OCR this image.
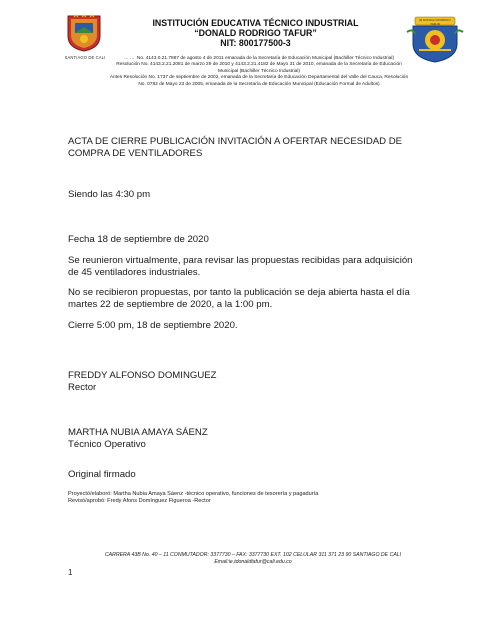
SANTIAGO DE CALI
INSTITUCIÓN EDUCATIVA TÉCNICO INDUSTRIAL
“DONALD RODRIGO TAFUR”
NIT: 800177500-3
IE DONALD RODRIGO TAFUR
…… No. 4143.0.21.7887 de agosto 4 de 2011 emanada de la Secretaría de Educación Municipal (Bachiller Técnico Industrial)
Resolución No. 4143.2.21.2081 de marzo 29 de 2010 y 4143.2.21.4182 de Mayo 31 de 2010, emanada de la Secretaría de Educación
Municipal (Bachiller Técnico Industrial)
Antes Resolución No. 1737 de septiembre de 2002, emanada de la Secretaría de Educación Departamental del Valle del Cauca, Resolución
No. 0782 de Mayo 23 de 2005, emanada de la Secretaría de Educación Municipal (Educación Formal de Adultos)
ACTA DE CIERRE PUBLICACIÓN INVITACIÓN A OFERTAR NECESIDAD DE
COMPRA DE VENTILADORES
Siendo las 4:30 pm
Fecha 18 de septiembre de 2020
Se reunieron virtualmente, para revisar las propuestas recibidas para adquisición
de 45 ventiladores industriales.
No se recibieron propuestas, por tanto la publicación se deja abierta hasta el día
martes 22 de septiembre de 2020, a la 1:00 pm.
Cierre 5:00 pm, 18 de septiembre 2020.
FREDDY ALFONSO DOMINGUEZ
Rector
MARTHA NUBIA AMAYA SÁENZ
Técnico Operativo
Original firmado
Proyectó/elaboró: Martha Nubia Amaya Sáenz -técnico operativo, funciones de tesorería y pagaduría
Revisó/aprobó: Fredy Afons Domínguez Figueroa -Rector
CARRERA 43B No. 40 – 11 CONMUTADOR: 3377730 – FAX: 3377730 EXT. 102 CELULAR 311 371 23 90 SANTIAGO DE CALI
Email:ie.tdonaldtafur@cali.edu.co
1
